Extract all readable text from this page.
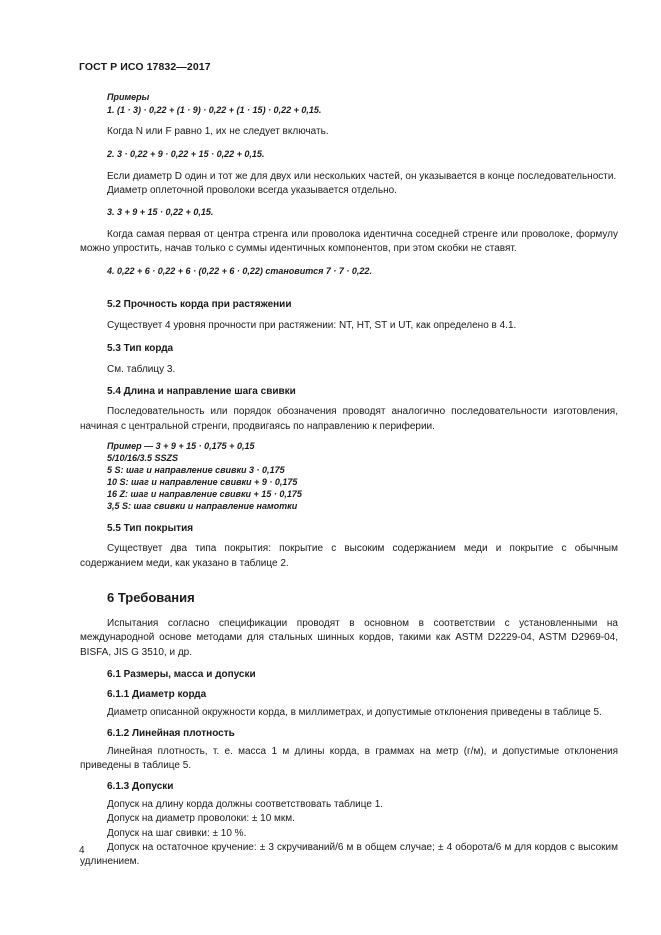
ГОСТ Р ИСО 17832—2017

Примеры

1. (1 · 3) · 0,22 + (1 · 9) · 0,22 + (1 · 15) · 0,22 + 0,15.

Когда N или F равно 1, их не следует включать.

2. 3 · 0,22 + 9 · 0,22 + 15 · 0,22 + 0,15.

Если диаметр D один и тот же для двух или нескольких частей, он указывается в конце последовательности.

Диаметр оплеточной проволоки всегда указывается отдельно.

3. 3 + 9 + 15 · 0,22 + 0,15.

Когда самая первая от центра стренга или проволока идентична соседней стренге или проволоке, формулу можно упростить, начав только с суммы идентичных компонентов, при этом скобки не ставят.

4. 0,22 + 6 · 0,22 + 6 · (0,22 + 6 · 0,22) становится 7 · 7 · 0,22.

5.2 Прочность корда при растяжении

Существует 4 уровня прочности при растяжении: NT, HT, ST и UT, как определено в 4.1.

5.3 Тип корда

См. таблицу 3.

5.4 Длина и направление шага свивки

Последовательность или порядок обозначения проводят аналогично последовательности изготовления, начиная с центральной стренги, продвигаясь по направлению к периферии.

Пример — 3 + 9 + 15 · 0,175 + 0,15

5/10/16/3.5 SSZS

5 S: шаг и направление свивки 3 · 0,175

10 S: шаг и направление свивки + 9 · 0,175

16 Z: шаг и направление свивки + 15 · 0,175

3,5 S: шаг свивки и направление намотки

5.5 Тип покрытия

Существует два типа покрытия: покрытие с высоким содержанием меди и покрытие с обычным содержанием меди, как указано в таблице 2.

6 Требования

Испытания согласно спецификации проводят в основном в соответствии с установленными на международной основе методами для стальных шинных кордов, такими как ASTM D2229-04, ASTM D2969-04, BISFA, JIS G 3510, и др.

6.1 Размеры, масса и допуски

6.1.1 Диаметр корда

Диаметр описанной окружности корда, в миллиметрах, и допустимые отклонения приведены в таблице 5.

6.1.2 Линейная плотность

Линейная плотность, т. е. масса 1 м длины корда, в граммах на метр (г/м), и допустимые отклонения приведены в таблице 5.

6.1.3 Допуски

Допуск на длину корда должны соответствовать таблице 1.

Допуск на диаметр проволоки: ± 10 мкм.

Допуск на шаг свивки: ± 10 %.

Допуск на остаточное кручение: ± 3 скручиваний/6 м в общем случае; ± 4 оборота/6 м для кордов с высоким удлинением.

4
